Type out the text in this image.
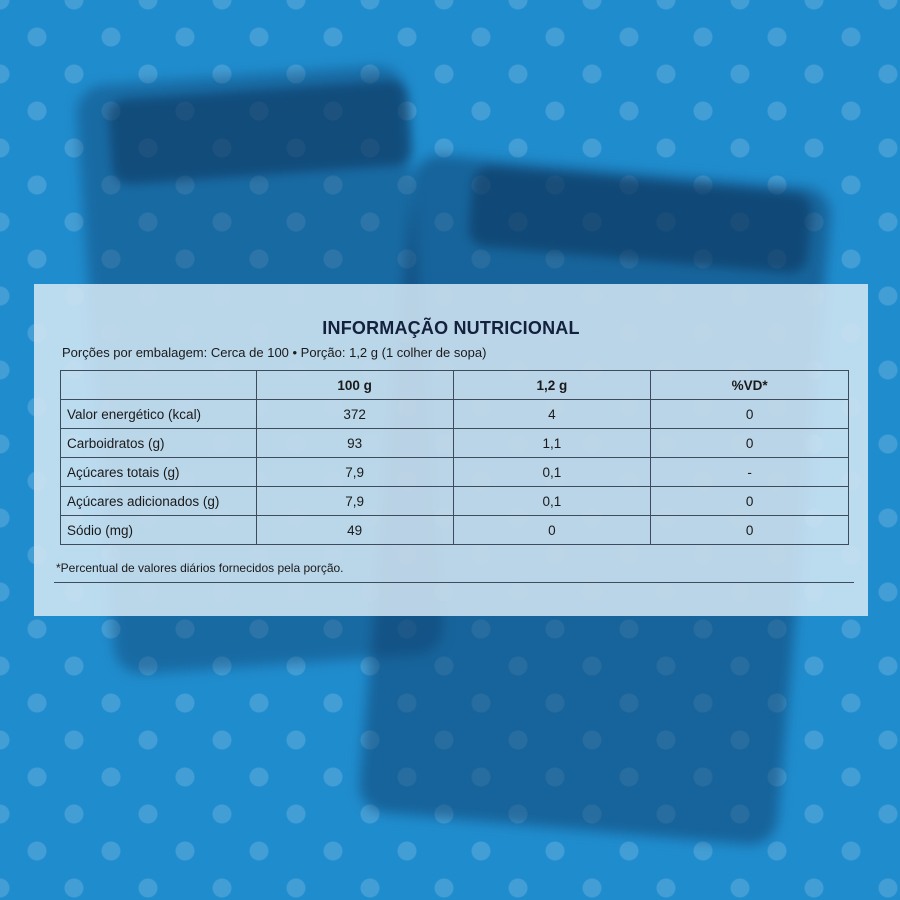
INFORMAÇÃO NUTRICIONAL
Porções por embalagem: Cerca de 100 • Porção: 1,2 g (1 colher de sopa)
	100 g	1,2 g	%VD*
Valor energético (kcal)	372	4	0
Carboidratos (g)	93	1,1	0
Açúcares totais (g)	7,9	0,1	-
Açúcares adicionados (g)	7,9	0,1	0
Sódio (mg)	49	0	0
*Percentual de valores diários fornecidos pela porção.
